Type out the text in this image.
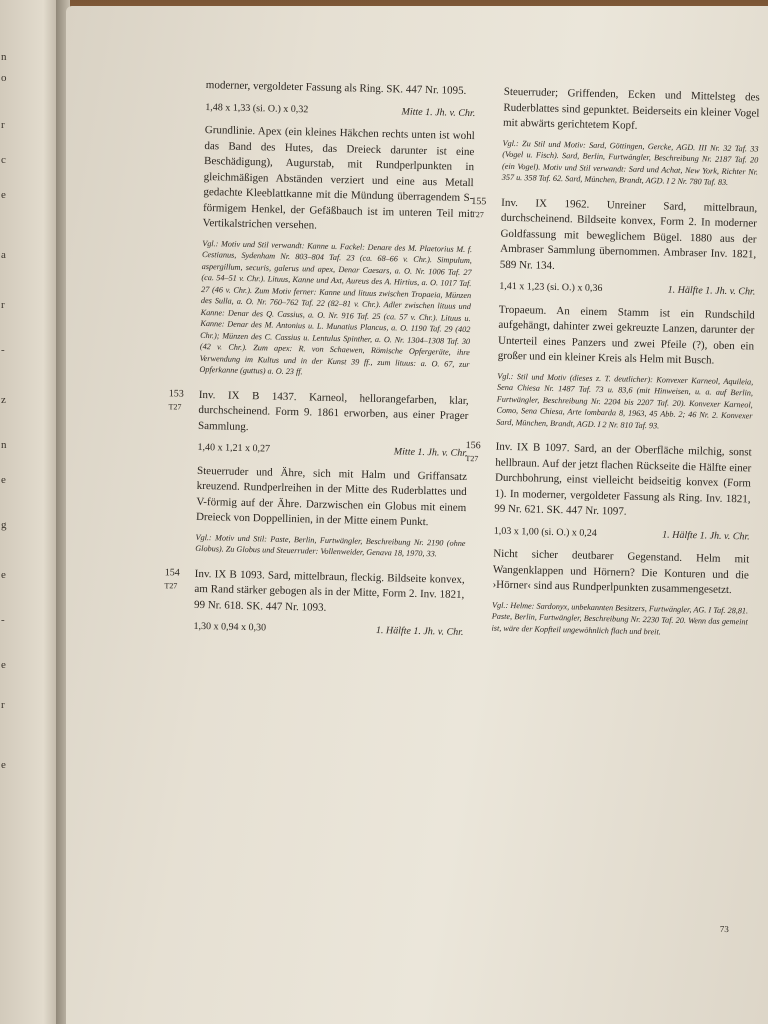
n
o
r
c
e
a
r
-
z
n
e
g
e
-
e
r
e

moderner, vergoldeter Fassung als Ring. SK. 447 Nr. 1095.

1,48 x 1,33 (si. O.) x 0,32	Mitte 1. Jh. v. Chr.

Grundlinie. Apex (ein kleines Häkchen rechts unten ist wohl das Band des Hutes, das Dreieck darunter ist eine Beschädigung), Augurstab, mit Rundperlpunkten in gleichmäßigen Abständen verziert und eine aus Metall gedachte Kleeblattkanne mit die Mündung überragendem S-förmigem Henkel, der Gefäßbauch ist im unteren Teil mit Vertikalstrichen versehen.

Vgl.: Motiv und Stil verwandt: Kanne u. Fackel: Denare des M. Plaetorius M. f. Cestianus, Sydenham Nr. 803–804 Taf. 23 (ca. 68–66 v. Chr.). Simpulum, aspergillum, securis, galerus und apex, Denar Caesars, a. O. Nr. 1006 Taf. 27 (ca. 54–51 v. Chr.). Lituus, Kanne und Axt, Aureus des A. Hirtius, a. O. 1017 Taf. 27 (46 v. Chr.). Zum Motiv ferner: Kanne und lituus zwischen Tropaeia, Münzen des Sulla, a. O. Nr. 760–762 Taf. 22 (82–81 v. Chr.). Adler zwischen lituus und Kanne: Denar des Q. Cassius, a. O. Nr. 916 Taf. 25 (ca. 57 v. Chr.). Lituus u. Kanne: Denar des M. Antonius u. L. Munatius Plancus, a. O. 1190 Taf. 29 (402 Chr.); Münzen des C. Cassius u. Lentulus Spinther, a. O. Nr. 1304–1308 Taf. 30 (42 v. Chr.). Zum apex: R. von Schaewen, Römische Opfergeräte, ihre Verwendung im Kultus und in der Kunst 39 ff., zum lituus: a. O. 67, zur Opferkanne (guttus) a. O. 23 ff.

153
T27	Inv. IX B 1437. Karneol, hellorangefarben, klar, durchscheinend. Form 9. 1861 erworben, aus einer Prager Sammlung.

1,40 x 1,21 x 0,27	Mitte 1. Jh. v. Chr.

Steuerruder und Ähre, sich mit Halm und Griffansatz kreuzend. Rundperlreihen in der Mitte des Ruderblattes und V-förmig auf der Ähre. Darzwischen ein Globus mit einem Dreieck von Doppellinien, in der Mitte einem Punkt.

Vgl.: Motiv und Stil: Paste, Berlin, Furtwängler, Beschreibung Nr. 2190 (ohne Globus). Zu Globus und Steuerruder: Vollenweider, Genava 18, 1970, 33.

154
T27	Inv. IX B 1093. Sard, mittelbraun, fleckig. Bildseite konvex, am Rand stärker gebogen als in der Mitte, Form 2. Inv. 1821, 99 Nr. 618. SK. 447 Nr. 1093.

1,30 x 0,94 x 0,30	1. Hälfte 1. Jh. v. Chr.

Steuerruder; Griffenden, Ecken und Mittelsteg des Ruderblattes sind gepunktet. Beiderseits ein kleiner Vogel mit abwärts gerichtetem Kopf.

Vgl.: Zu Stil und Motiv: Sard, Göttingen, Gercke, AGD. III Nr. 32 Taf. 33 (Vogel u. Fisch). Sard, Berlin, Furtwängler, Beschreibung Nr. 2187 Taf. 20 (ein Vogel). Motiv und Stil verwandt: Sard und Achat, New York, Richter Nr. 357 u. 358 Taf. 62. Sard, München, Brandt, AGD. I 2 Nr. 780 Taf. 83.

155
T27

Inv. IX 1962. Unreiner Sard, mittelbraun, durchscheinend. Bildseite konvex, Form 2. In moderner Goldfassung mit beweglichem Bügel. 1880 aus der Ambraser Sammlung übernommen. Ambraser Inv. 1821, 589 Nr. 134.

1,41 x 1,23 (si. O.) x 0,36	1. Hälfte 1. Jh. v. Chr.

Tropaeum. An einem Stamm ist ein Rundschild aufgehängt, dahinter zwei gekreuzte Lanzen, darunter der Unterteil eines Panzers und zwei Pfeile (?), oben ein großer und ein kleiner Kreis als Helm mit Busch.

Vgl.: Stil und Motiv (dieses z. T. deutlicher): Konvexer Karneol, Aquileia, Sena Chiesa Nr. 1487 Taf. 73 u. 83,6 (mit Hinweisen, u. a. auf Berlin, Furtwängler, Beschreibung Nr. 2204 bis 2207 Taf. 20). Konvexer Karneol, Como, Sena Chiesa, Arte lombarda 8, 1963, 45 Abb. 2; 46 Nr. 2. Konvexer Sard, München, Brandt, AGD. I 2 Nr. 810 Taf. 93.

156
T27

Inv. IX B 1097. Sard, an der Oberfläche milchig, sonst hellbraun. Auf der jetzt flachen Rückseite die Hälfte einer Durchbohrung, einst vielleicht beidseitig konvex (Form 1). In moderner, vergoldeter Fassung als Ring. Inv. 1821, 99 Nr. 621. SK. 447 Nr. 1097.

1,03 x 1,00 (si. O.) x 0,24	1. Hälfte 1. Jh. v. Chr.

Nicht sicher deutbarer Gegenstand. Helm mit Wangenklappen und Hörnern? Die Konturen und die ›Hörner‹ sind aus Rundperlpunkten zusammengesetzt.

Vgl.: Helme: Sardonyx, unbekannten Besitzers, Furtwängler, AG. I Taf. 28,81. Paste, Berlin, Furtwängler, Beschreibung Nr. 2230 Taf. 20. Wenn das gemeint ist, wäre der Kopfteil ungewöhnlich flach und breit.

73
